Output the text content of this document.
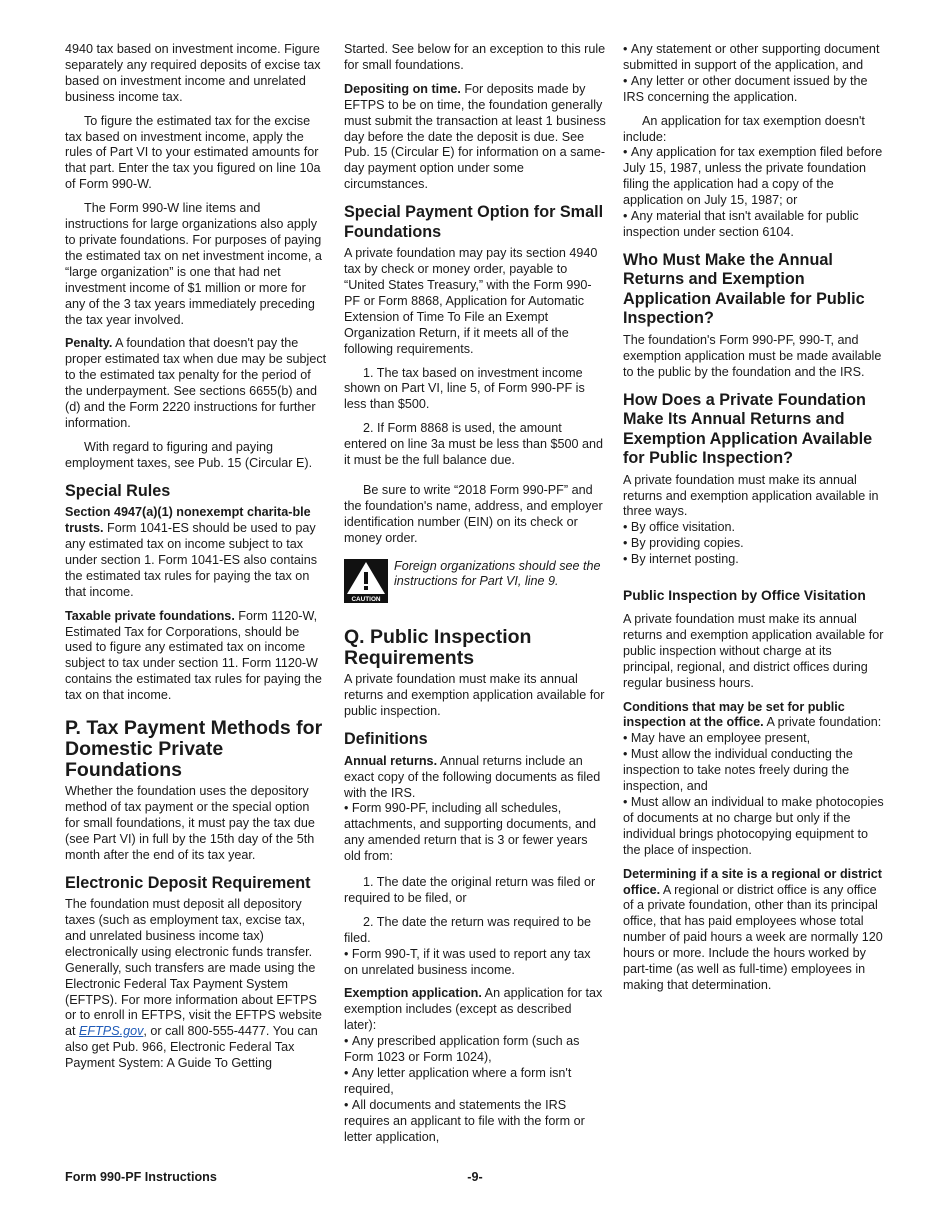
4940 tax based on investment income. Figure separately any required deposits of excise tax based on investment income and unrelated business income tax.

To figure the estimated tax for the excise tax based on investment income, apply the rules of Part VI to your estimated amounts for that part. Enter the tax you figured on line 10a of Form 990-W.

The Form 990-W line items and instructions for large organizations also apply to private foundations. For purposes of paying the estimated tax on net investment income, a “large organization” is one that had net investment income of $1 million or more for any of the 3 tax years immediately preceding the tax year involved.

Penalty. A foundation that doesn't pay the proper estimated tax when due may be subject to the estimated tax penalty for the period of the underpayment. See sections 6655(b) and (d) and the Form 2220 instructions for further information.

With regard to figuring and paying employment taxes, see Pub. 15 (Circular E).

Special Rules

Section 4947(a)(1) nonexempt charita-ble trusts. Form 1041-ES should be used to pay any estimated tax on income subject to tax under section 1. Form 1041-ES also contains the estimated tax rules for paying the tax on that income.

Taxable private foundations. Form 1120-W, Estimated Tax for Corporations, should be used to figure any estimated tax on income subject to tax under section 11. Form 1120-W contains the estimated tax rules for paying the tax on that income.

P. Tax Payment Methods for Domestic Private Foundations

Whether the foundation uses the depository method of tax payment or the special option for small foundations, it must pay the tax due (see Part VI) in full by the 15th day of the 5th month after the end of its tax year.

Electronic Deposit Requirement

The foundation must deposit all depository taxes (such as employment tax, excise tax, and unrelated business income tax) electronically using electronic funds transfer. Generally, such transfers are made using the Electronic Federal Tax Payment System (EFTPS). For more information about EFTPS or to enroll in EFTPS, visit the EFTPS website at EFTPS.gov, or call 800-555-4477. You can also get Pub. 966, Electronic Federal Tax Payment System: A Guide To Getting

Started. See below for an exception to this rule for small foundations.

Depositing on time. For deposits made by EFTPS to be on time, the foundation generally must submit the transaction at least 1 business day before the date the deposit is due. See Pub. 15 (Circular E) for information on a same-day payment option under some circumstances.

Special Payment Option for Small Foundations

A private foundation may pay its section 4940 tax by check or money order, payable to “United States Treasury,” with the Form 990-PF or Form 8868, Application for Automatic Extension of Time To File an Exempt Organization Return, if it meets all of the following requirements.

1. The tax based on investment income shown on Part VI, line 5, of Form 990-PF is less than $500.

2. If Form 8868 is used, the amount entered on line 3a must be less than $500 and it must be the full balance due.

Be sure to write “2018 Form 990-PF” and the foundation's name, address, and employer identification number (EIN) on its check or money order.

CAUTION
Foreign organizations should see the instructions for Part VI, line 9.
Q. Public Inspection Requirements

A private foundation must make its annual returns and exemption application available for public inspection.

Definitions

Annual returns. Annual returns include an exact copy of the following documents as filed with the IRS.

• Form 990-PF, including all schedules, attachments, and supporting documents, and any amended return that is 3 or fewer years old from:

1. The date the original return was filed or required to be filed, or

2. The date the return was required to be filed.

• Form 990-T, if it was used to report any tax on unrelated business income.

Exemption application. An application for tax exemption includes (except as described later):

• Any prescribed application form (such as Form 1023 or Form 1024),

• Any letter application where a form isn't required,

• All documents and statements the IRS requires an applicant to file with the form or letter application,

• Any statement or other supporting document submitted in support of the application, and

• Any letter or other document issued by the IRS concerning the application.

An application for tax exemption doesn't include:

• Any application for tax exemption filed before July 15, 1987, unless the private foundation filing the application had a copy of the application on July 15, 1987; or

• Any material that isn't available for public inspection under section 6104.

Who Must Make the Annual Returns and Exemption Application Available for Public Inspection?

The foundation's Form 990-PF, 990-T, and exemption application must be made available to the public by the foundation and the IRS.

How Does a Private Foundation Make Its Annual Returns and Exemption Application Available for Public Inspection?

A private foundation must make its annual returns and exemption application available in three ways.

• By office visitation.

• By providing copies.

• By internet posting.

Public Inspection by Office Visitation

A private foundation must make its annual returns and exemption application available for public inspection without charge at its principal, regional, and district offices during regular business hours.

Conditions that may be set for public inspection at the office. A private foundation:

• May have an employee present,

• Must allow the individual conducting the inspection to take notes freely during the inspection, and

• Must allow an individual to make photocopies of documents at no charge but only if the individual brings photocopying equipment to the place of inspection.

Determining if a site is a regional or district office. A regional or district office is any office of a private foundation, other than its principal office, that has paid employees whose total number of paid hours a week are normally 120 hours or more. Include the hours worked by part-time (as well as full-time) employees in making that determination.

Form 990-PF Instructions	-9-
